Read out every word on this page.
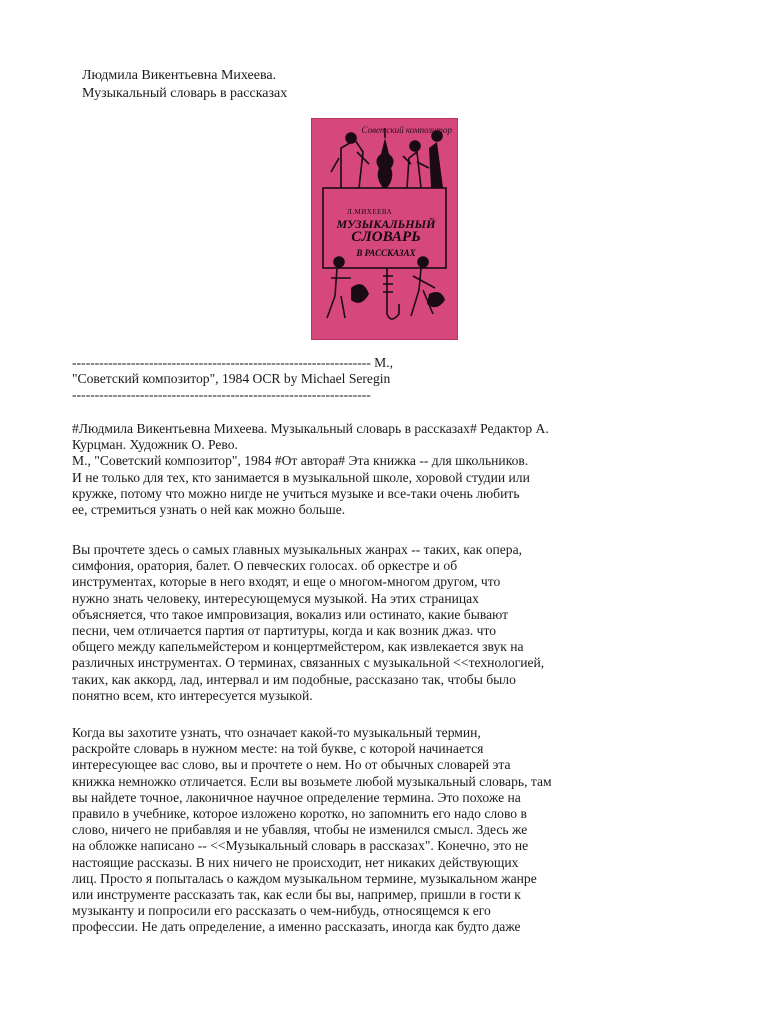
Людмила Викентьевна Михеева.
Музыкальный словарь в рассказах
Советский композитор
Л.МИХЕЕВА
МУЗЫКАЛЬНЫЙ
СЛОВАРЬ
В РАССКАЗАХ
------------------------------------------------------------------ М.,
"Советский композитор", 1984 OCR by Michael Seregin
------------------------------------------------------------------
#Людмила Викентьевна Михеева. Музыкальный словарь в рассказах# Редактор А.
Курцман. Художник О. Рево.
М., "Советский композитор", 1984 #От автора# Эта книжка -- для школьников.
И не только для тех, кто занимается в музыкальной школе, хоровой студии или
кружке, потому что можно нигде не учиться музыке и все-таки очень любить
ее, стремиться узнать о ней как можно больше.
Вы прочтете здесь о самых главных музыкальных жанрах -- таких, как опера,
симфония, оратория, балет. О певческих голосах. об оркестре и об
инструментах, которые в него входят, и еще о многом-многом другом, что
нужно знать человеку, интересующемуся музыкой. На этих страницах
объясняется, что такое импровизация, вокализ или остинато, какие бывают
песни, чем отличается партия от партитуры, когда и как возник джаз. что
общего между капельмейстером и концертмейстером, как извлекается звук на
различных инструментах. О терминах, связанных с музыкальной <<технологией,
таких, как аккорд, лад, интервал и им подобные, рассказано так, чтобы было
понятно всем, кто интересуется музыкой.
Когда вы захотите узнать, что означает какой-то музыкальный термин,
раскройте словарь в нужном месте: на той букве, с которой начинается
интересующее вас слово, вы и прочтете о нем. Но от обычных словарей эта
книжка немножко отличается. Если вы возьмете любой музыкальный словарь, там
вы найдете точное, лаконичное научное определение термина. Это похоже на
правило в учебнике, которое изложено коротко, но запомнить его надо слово в
слово, ничего не прибавляя и не убавляя, чтобы не изменился смысл. Здесь же
на обложке написано -- <<Музыкальный словарь в рассказах". Конечно, это не
настоящие рассказы. В них ничего не происходит, нет никаких действующих
лиц. Просто я попыталась о каждом музыкальном термине, музыкальном жанре
или инструменте рассказать так, как если бы вы, например, пришли в гости к
музыканту и попросили его рассказать о чем-нибудь, относящемся к его
профессии. Не дать определение, а именно рассказать, иногда как будто даже
